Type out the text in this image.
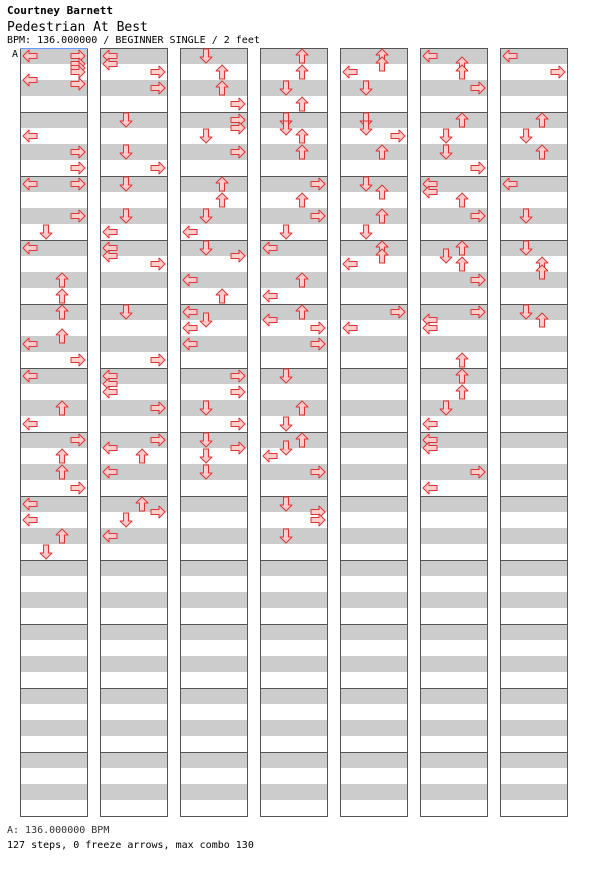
Courtney Barnett
Pedestrian At Best
BPM: 136.000000 / BEGINNER SINGLE / 2 feet
A
A: 136.000000 BPM
127 steps, 0 freeze arrows, max combo 130
